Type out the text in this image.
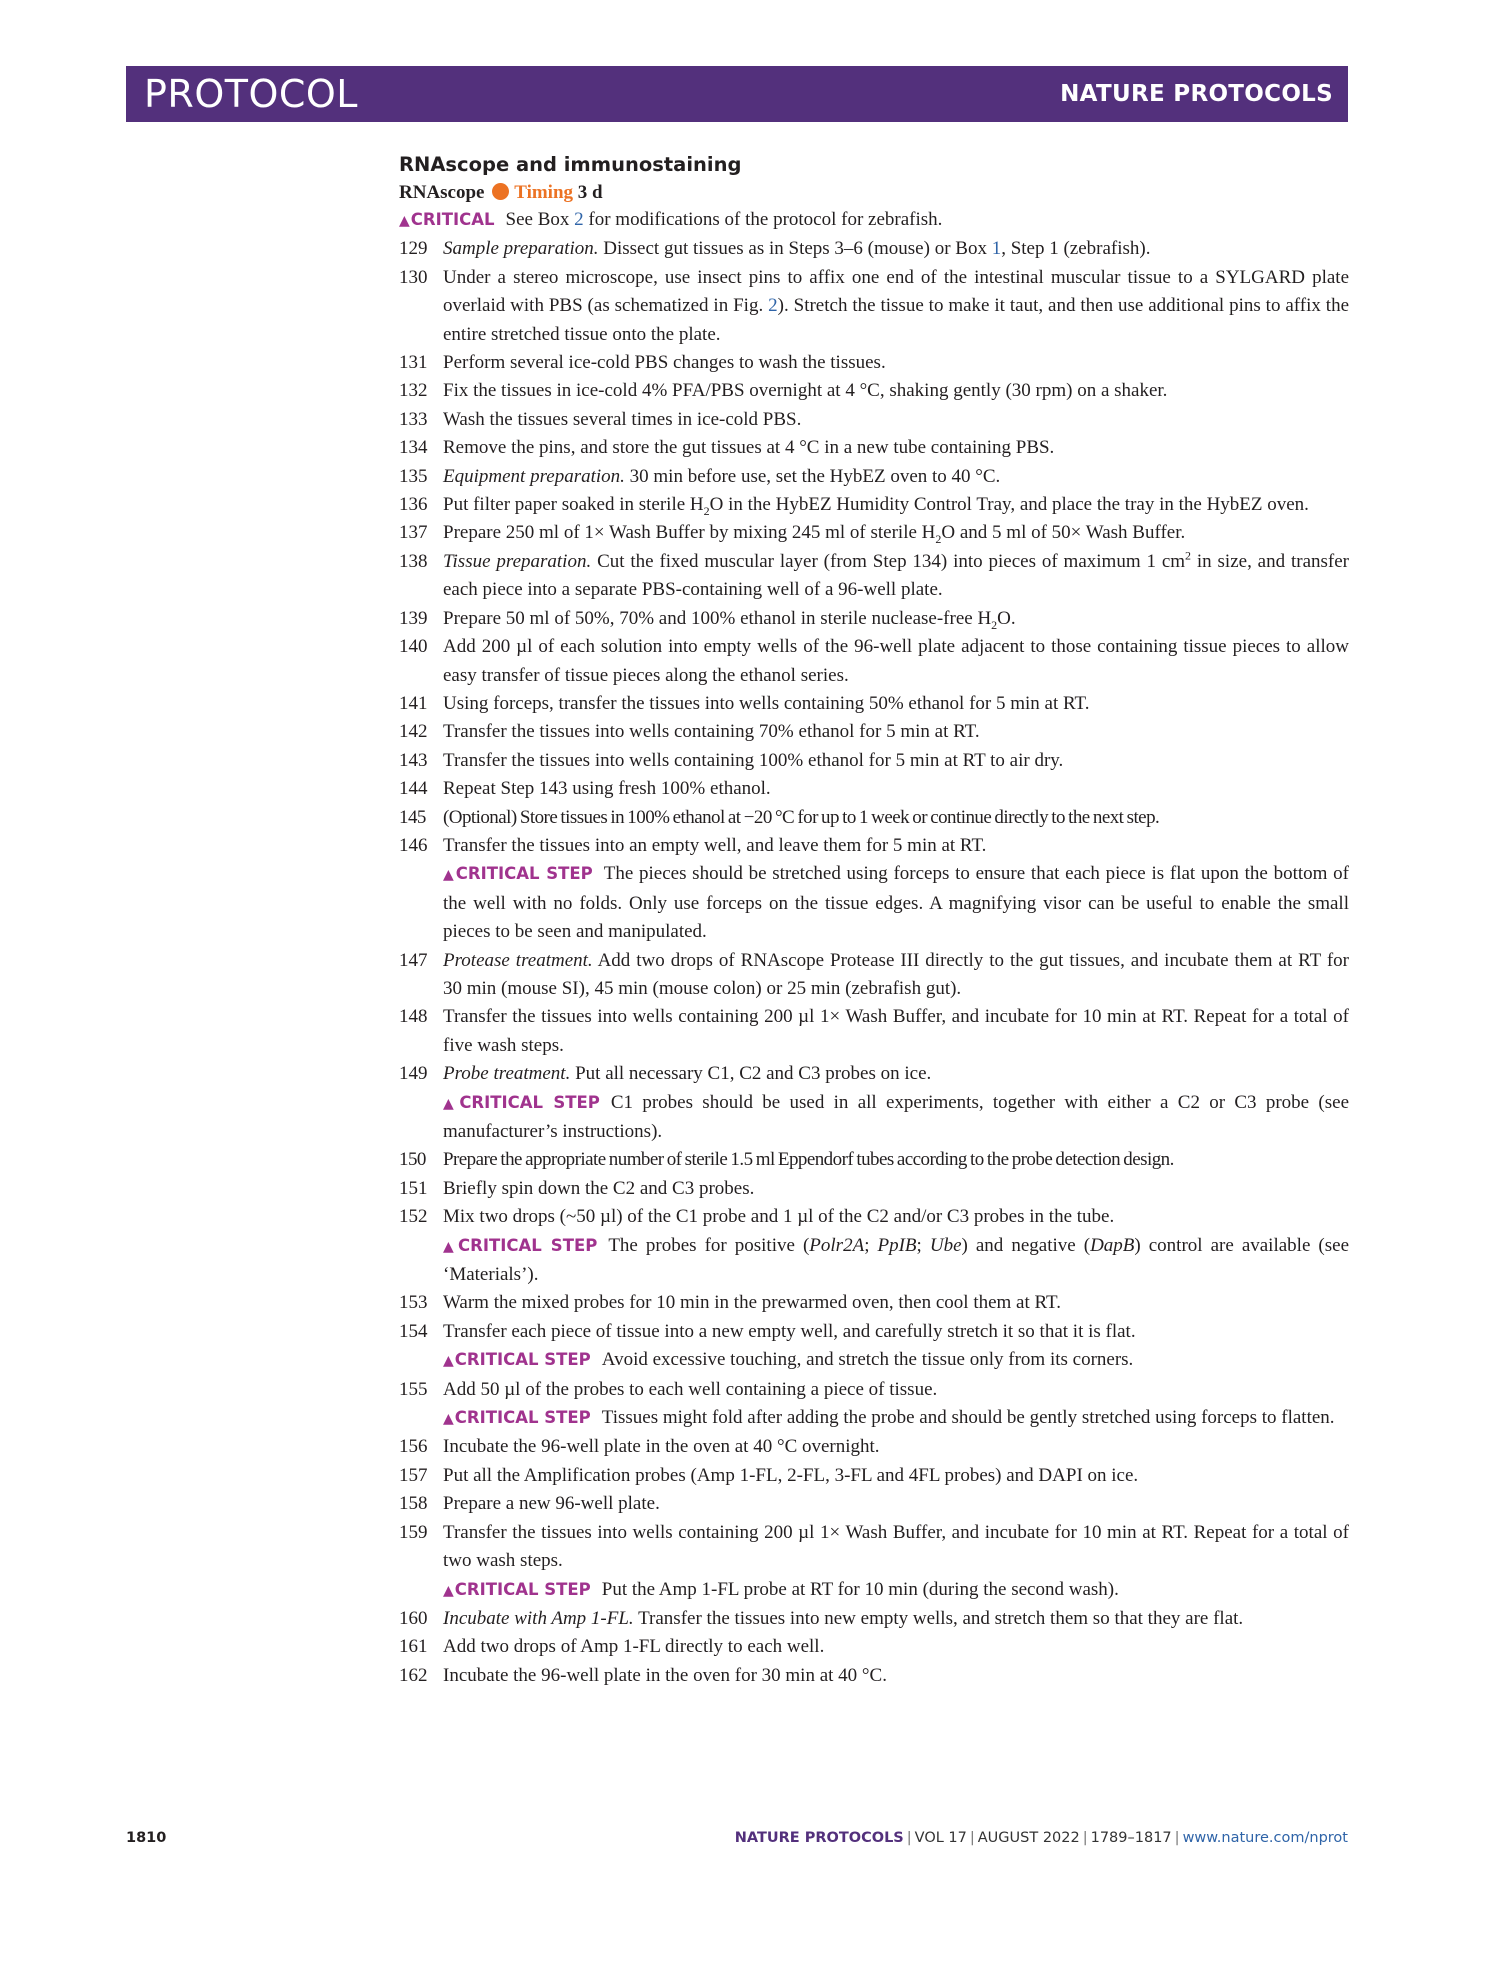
PROTOCOL	NATURE PROTOCOLS
RNAscope and immunostaining
RNAscope Timing 3 d
▲CRITICAL See Box 2 for modifications of the protocol for zebrafish.
129 Sample preparation. Dissect gut tissues as in Steps 3–6 (mouse) or Box 1, Step 1 (zebrafish).
130 Under a stereo microscope, use insect pins to affix one end of the intestinal muscular tissue to a SYLGARD plate overlaid with PBS (as schematized in Fig. 2). Stretch the tissue to make it taut, and then use additional pins to affix the entire stretched tissue onto the plate.
131 Perform several ice-cold PBS changes to wash the tissues.
132 Fix the tissues in ice-cold 4% PFA/PBS overnight at 4 °C, shaking gently (30 rpm) on a shaker.
133 Wash the tissues several times in ice-cold PBS.
134 Remove the pins, and store the gut tissues at 4 °C in a new tube containing PBS.
135 Equipment preparation. 30 min before use, set the HybEZ oven to 40 °C.
136 Put filter paper soaked in sterile $H_2O$ in the HybEZ Humidity Control Tray, and place the tray in the HybEZ oven.
137 Prepare 250 ml of 1× Wash Buffer by mixing 245 ml of sterile $H_2O$ and 5 ml of 50× Wash Buffer.
138 Tissue preparation. Cut the fixed muscular layer (from Step 134) into pieces of maximum 1 $cm^2$ in size, and transfer each piece into a separate PBS-containing well of a 96-well plate.
139 Prepare 50 ml of 50%, 70% and 100% ethanol in sterile nuclease-free $H_2O$.
140 Add 200 µl of each solution into empty wells of the 96-well plate adjacent to those containing tissue pieces to allow easy transfer of tissue pieces along the ethanol series.
141 Using forceps, transfer the tissues into wells containing 50% ethanol for 5 min at RT.
142 Transfer the tissues into wells containing 70% ethanol for 5 min at RT.
143 Transfer the tissues into wells containing 100% ethanol for 5 min at RT to air dry.
144 Repeat Step 143 using fresh 100% ethanol.
145 (Optional) Store tissues in 100% ethanol at −20 °C for up to 1 week or continue directly to the next step.
146 Transfer the tissues into an empty well, and leave them for 5 min at RT.
▲CRITICAL STEP The pieces should be stretched using forceps to ensure that each piece is flat upon the bottom of the well with no folds. Only use forceps on the tissue edges. A magnifying visor can be useful to enable the small pieces to be seen and manipulated.
147 Protease treatment. Add two drops of RNAscope Protease III directly to the gut tissues, and incubate them at RT for 30 min (mouse SI), 45 min (mouse colon) or 25 min (zebrafish gut).
148 Transfer the tissues into wells containing 200 µl 1× Wash Buffer, and incubate for 10 min at RT. Repeat for a total of five wash steps.
149 Probe treatment. Put all necessary C1, C2 and C3 probes on ice.
▲CRITICAL STEP C1 probes should be used in all experiments, together with either a C2 or C3 probe (see manufacturer’s instructions).
150 Prepare the appropriate number of sterile 1.5 ml Eppendorf tubes according to the probe detection design.
151 Briefly spin down the C2 and C3 probes.
152 Mix two drops (~50 µl) of the C1 probe and 1 µl of the C2 and/or C3 probes in the tube.
▲CRITICAL STEP The probes for positive (Polr2A; PpIB; Ube) and negative (DapB) control are available (see ‘Materials’).
153 Warm the mixed probes for 10 min in the prewarmed oven, then cool them at RT.
154 Transfer each piece of tissue into a new empty well, and carefully stretch it so that it is flat.
▲CRITICAL STEP Avoid excessive touching, and stretch the tissue only from its corners.
155 Add 50 µl of the probes to each well containing a piece of tissue.
▲CRITICAL STEP Tissues might fold after adding the probe and should be gently stretched using forceps to flatten.
156 Incubate the 96-well plate in the oven at 40 °C overnight.
157 Put all the Amplification probes (Amp 1-FL, 2-FL, 3-FL and 4FL probes) and DAPI on ice.
158 Prepare a new 96-well plate.
159 Transfer the tissues into wells containing 200 µl 1× Wash Buffer, and incubate for 10 min at RT. Repeat for a total of two wash steps.
▲CRITICAL STEP Put the Amp 1-FL probe at RT for 10 min (during the second wash).
160 Incubate with Amp 1-FL. Transfer the tissues into new empty wells, and stretch them so that they are flat.
161 Add two drops of Amp 1-FL directly to each well.
162 Incubate the 96-well plate in the oven for 30 min at 40 °C.
1810	NATURE PROTOCOLS | VOL 17 | AUGUST 2022 | 1789–1817 | www.nature.com/nprot
